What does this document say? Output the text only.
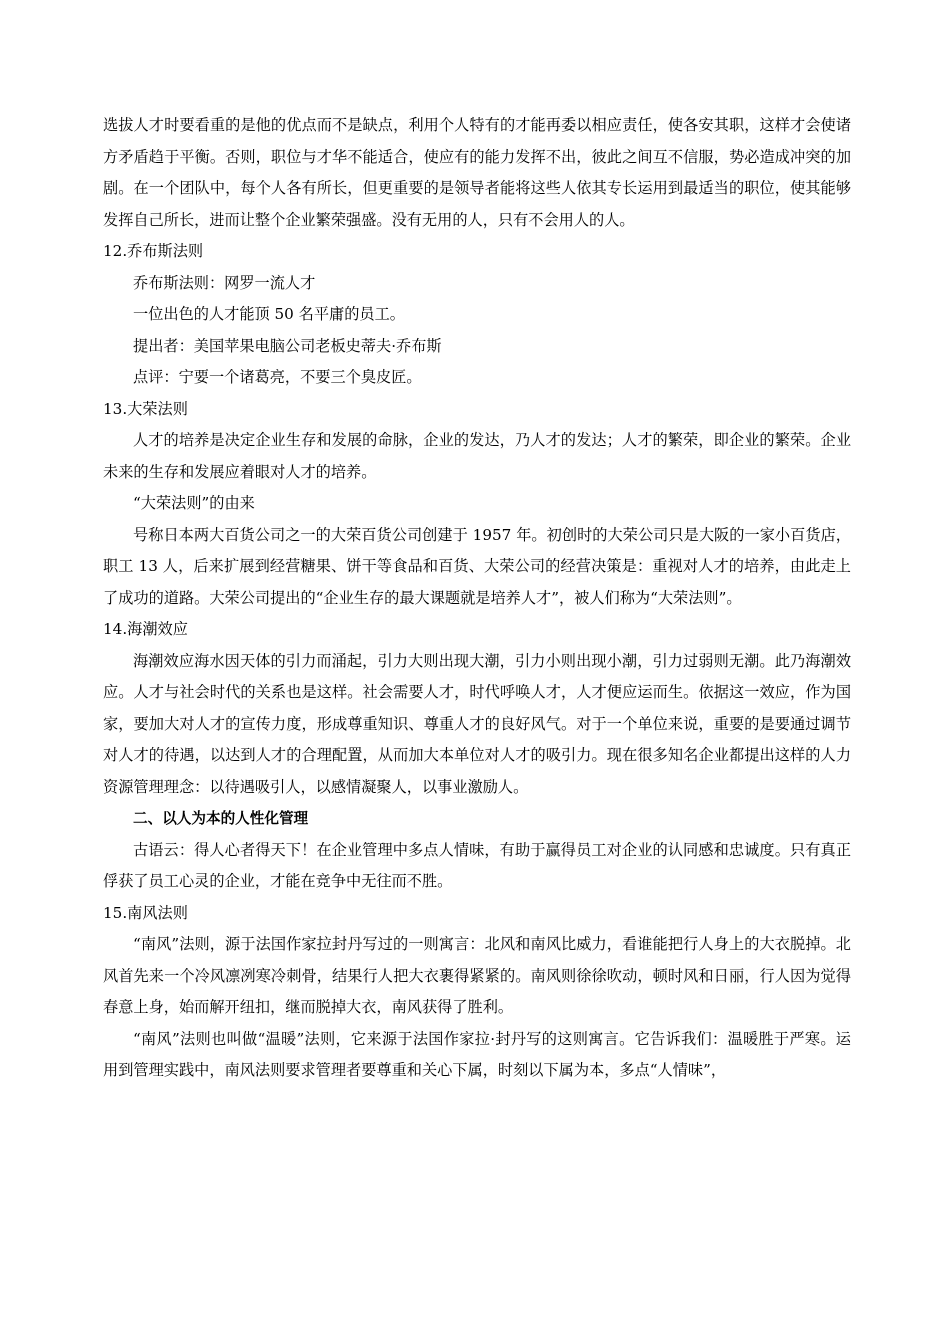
选拔人才时要看重的是他的优点而不是缺点，利用个人特有的才能再委以相应责任，使各安其职，这样才会使诸方矛盾趋于平衡。否则，职位与才华不能适合，使应有的能力发挥不出，彼此之间互不信服，势必造成冲突的加剧。在一个团队中，每个人各有所长，但更重要的是领导者能将这些人依其专长运用到最适当的职位，使其能够发挥自己所长，进而让整个企业繁荣强盛。没有无用的人，只有不会用人的人。

12.乔布斯法则

乔布斯法则：网罗一流人才

一位出色的人才能顶 50 名平庸的员工。

提出者：美国苹果电脑公司老板史蒂夫·乔布斯

点评：宁要一个诸葛亮，不要三个臭皮匠。

13.大荣法则

人才的培养是决定企业生存和发展的命脉，企业的发达，乃人才的发达；人才的繁荣，即企业的繁荣。企业未来的生存和发展应着眼对人才的培养。

“大荣法则”的由来

号称日本两大百货公司之一的大荣百货公司创建于 1957 年。初创时的大荣公司只是大阪的一家小百货店，职工 13 人，后来扩展到经营糖果、饼干等食品和百货、大荣公司的经营决策是：重视对人才的培养，由此走上了成功的道路。大荣公司提出的“企业生存的最大课题就是培养人才”，被人们称为“大荣法则”。

14.海潮效应

海潮效应海水因天体的引力而涌起，引力大则出现大潮，引力小则出现小潮，引力过弱则无潮。此乃海潮效应。人才与社会时代的关系也是这样。社会需要人才，时代呼唤人才，人才便应运而生。依据这一效应，作为国家，要加大对人才的宣传力度，形成尊重知识、尊重人才的良好风气。对于一个单位来说，重要的是要通过调节对人才的待遇，以达到人才的合理配置，从而加大本单位对人才的吸引力。现在很多知名企业都提出这样的人力资源管理理念：以待遇吸引人，以感情凝聚人，以事业激励人。

二、以人为本的人性化管理

古语云：得人心者得天下！在企业管理中多点人情味，有助于赢得员工对企业的认同感和忠诚度。只有真正俘获了员工心灵的企业，才能在竞争中无往而不胜。

15.南风法则

“南风”法则，源于法国作家拉封丹写过的一则寓言：北风和南风比威力，看谁能把行人身上的大衣脱掉。北风首先来一个冷风凛冽寒冷刺骨，结果行人把大衣裹得紧紧的。南风则徐徐吹动，顿时风和日丽，行人因为觉得春意上身，始而解开纽扣，继而脱掉大衣，南风获得了胜利。

“南风”法则也叫做“温暖”法则，它来源于法国作家拉·封丹写的这则寓言。它告诉我们：温暖胜于严寒。运用到管理实践中，南风法则要求管理者要尊重和关心下属，时刻以下属为本，多点“人情味”，
